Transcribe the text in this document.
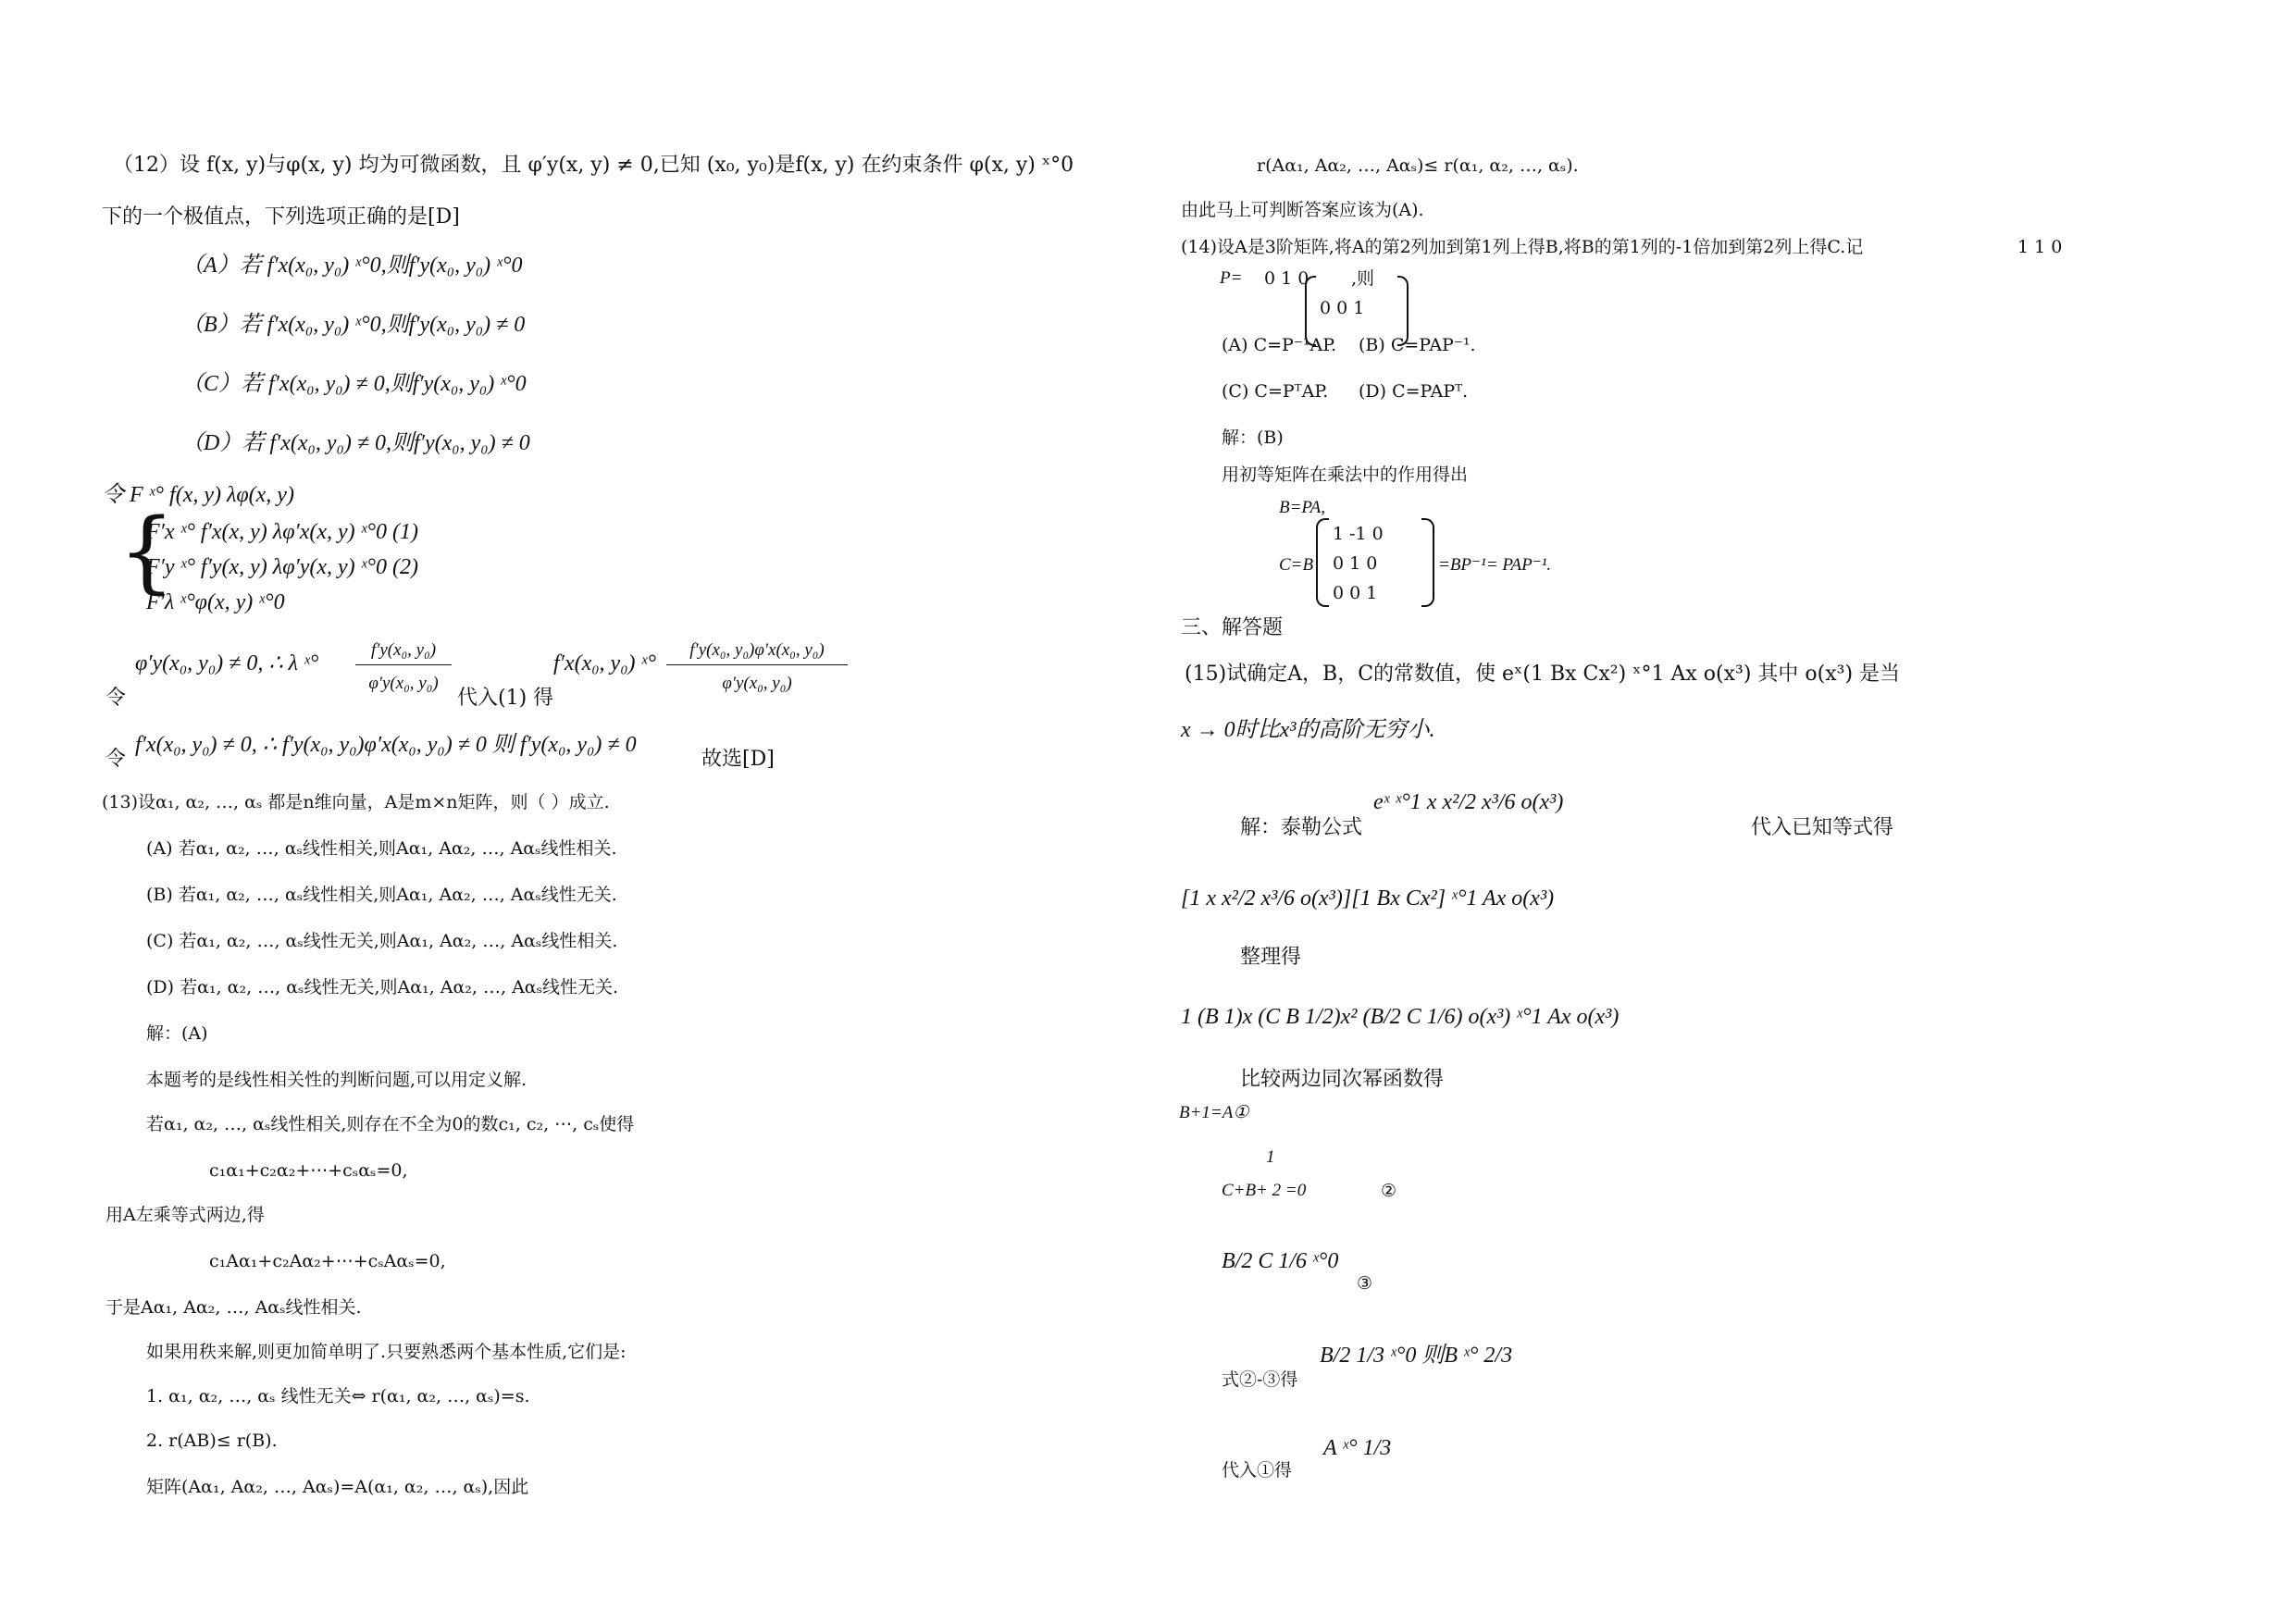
（12）设 f(x, y)与φ(x, y) 均为可微函数，且 φ′y(x, y) ≠ 0,已知 (x₀, y₀)是f(x, y) 在约束条件 φ(x, y) ˣ°0
下的一个极值点，下列选项正确的是[D]
（A）若 f′x(x₀, y₀) ˣ°0,则f′y(x₀, y₀) ˣ°0
（B）若 f′x(x₀, y₀) ˣ°0,则f′y(x₀, y₀) ≠ 0
（C）若 f′x(x₀, y₀) ≠ 0,则f′y(x₀, y₀) ˣ°0
（D）若 f′x(x₀, y₀) ≠ 0,则f′y(x₀, y₀) ≠ 0
令 F ˣ° f(x, y) λφ(x, y)
{
F′x ˣ° f′x(x, y) λφ′x(x, y) ˣ°0 (1)
F′y ˣ° f′y(x, y) λφ′y(x, y) ˣ°0 (2)
F′λ ˣ°φ(x, y) ˣ°0
φ′y(x₀, y₀) ≠ 0, ∴ λ ˣ°
f′y(x₀, y₀)
φ′y(x₀, y₀)
f′x(x₀, y₀) ˣ°
f′y(x₀, y₀)φ′x(x₀, y₀)
φ′y(x₀, y₀)
令	代入(1) 得
f′x(x₀, y₀) ≠ 0, ∴ f′y(x₀, y₀)φ′x(x₀, y₀) ≠ 0 则 f′y(x₀, y₀) ≠ 0
令	故选[D]
(13)设α₁, α₂, …, αₛ 都是n维向量，A是m×n矩阵，则（ ）成立.
(A) 若α₁, α₂, …, αₛ线性相关,则Aα₁, Aα₂, …, Aαₛ线性相关.
(B) 若α₁, α₂, …, αₛ线性相关,则Aα₁, Aα₂, …, Aαₛ线性无关.
(C) 若α₁, α₂, …, αₛ线性无关,则Aα₁, Aα₂, …, Aαₛ线性相关.
(D) 若α₁, α₂, …, αₛ线性无关,则Aα₁, Aα₂, …, Aαₛ线性无关.
解：(A)
本题考的是线性相关性的判断问题,可以用定义解.
若α₁, α₂, …, αₛ线性相关,则存在不全为0的数c₁, c₂, ⋯, cₛ使得
c₁α₁+c₂α₂+⋯+cₛαₛ=0,
用A左乘等式两边,得
c₁Aα₁+c₂Aα₂+⋯+cₛAαₛ=0,
于是Aα₁, Aα₂, …, Aαₛ线性相关.
如果用秩来解,则更加简单明了.只要熟悉两个基本性质,它们是:
1. α₁, α₂, …, αₛ 线性无关⇔ r(α₁, α₂, …, αₛ)=s.
2. r(AB)≤ r(B).
矩阵(Aα₁, Aα₂, …, Aαₛ)=A(α₁, α₂, …, αₛ),因此
r(Aα₁, Aα₂, …, Aαₛ)≤ r(α₁, α₂, …, αₛ).
由此马上可判断答案应该为(A).
(14)设A是3阶矩阵,将A的第2列加到第1列上得B,将B的第1列的-1倍加到第2列上得C.记	1 1 0
P= 0 1 0 ,则
0 0 1
(A) C=P⁻¹AP. (B) C=PAP⁻¹.
(C) C=PᵀAP. (D) C=PAPᵀ.
解：(B)
用初等矩阵在乘法中的作用得出
B=PA,
C=B
1 -1 0
0 1 0
0 0 1
=BP⁻¹= PAP⁻¹.
三、解答题
(15)试确定A，B，C的常数值，使 eˣ(1 Bx Cx²) ˣ°1 Ax o(x³) 其中 o(x³) 是当
x → 0时比x³的高阶无穷小.
解：泰勒公式
eˣ ˣ°1 x x²/2 x³/6 o(x³)
代入已知等式得
[1 x x²/2 x³/6 o(x³)][1 Bx Cx²] ˣ°1 Ax o(x³)
整理得
1 (B 1)x (C B 1/2)x² (B/2 C 1/6) o(x³) ˣ°1 Ax o(x³)
比较两边同次幂函数得
B+1=A①
1
C+B+ 2 =0	②
B/2 C 1/6 ˣ°0
③
式②-③得
B/2 1/3 ˣ°0 则B ˣ° 2/3
代入①得
A ˣ° 1/3
